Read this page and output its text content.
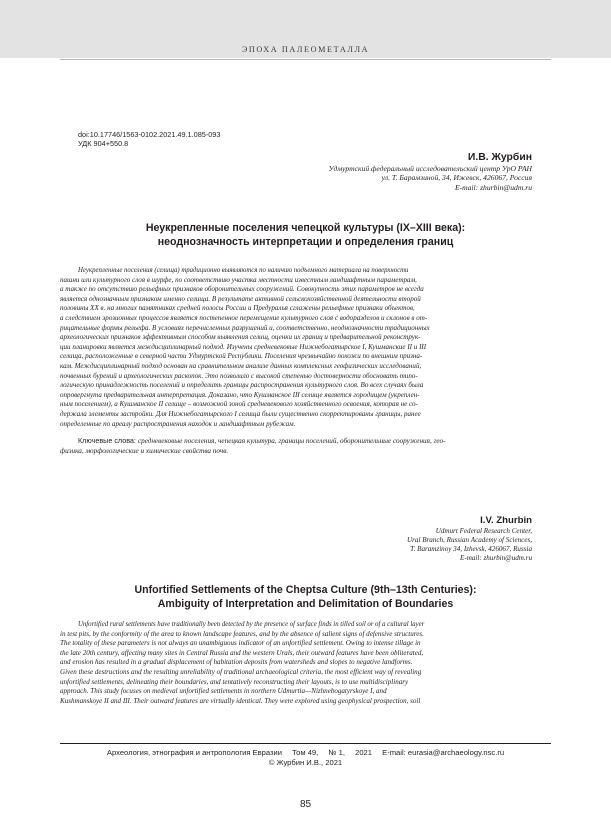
ЭПОХА ПАЛЕОМЕТАЛЛА
doi:10.17746/1563-0102.2021.49.1.085-093
УДК 904+550.8
И.В. Журбин
Удмуртский федеральный исследовательский центр УрО РАН
ул. Т. Барамзиной, 34, Ижевск, 426067, Россия
E-mail: zhurbin@udm.ru
Неукрепленные поселения чепецкой культуры (IX–XIII века):
неоднозначность интерпретации и определения границ
Неукрепленные поселения (селища) традиционно выявляются по наличию подъемного материала на поверхности
пашни или культурного слоя в шурфе, по соответствию участка местности известным ландшафтным параметрам,
а также по отсутствию рельефных признаков оборонительных сооружений. Совокупность этих параметров не всегда
является однозначным признаком именно селища. В результате активной сельскохозяйственной деятельности второй
половины XX в. на многих памятниках средней полосы России и Предуралья сглажены рельефные признаки объектов,
а следствием эрозионных процессов является постепенное перемещение культурного слоя с водоразделов и склонов в от-
рицательные формы рельефа. В условиях перечисленных разрушений и, соответственно, неоднозначности традиционных
археологических признаков эффективным способом выявления селищ, оценки их границ и предварительной реконструк-
ции планировки является междисциплинарный подход. Изучены средневековые Нижнебогатырское I, Кушманские II и III
селища, расположенные в северной части Удмуртской Республики. Поселения чрезвычайно похожи по внешним призна-
кам. Междисциплинарный подход основан на сравнительном анализе данных комплексных геофизических исследований,
почвенных бурений и археологических раскопок. Это позволило с высокой степенью достоверности обосновать типо-
логическую принадлежность поселений и определить границы распространения культурного слоя. Во всех случаях была
опровергнута предварительная интерпретация. Доказано, что Кушманское III селище является городищем (укреплен-
ным поселением), а Кушманское II селище – возможной зоной средневекового хозяйственного освоения, которая не со-
держала элементы застройки. Для Нижнебогатырского I селища были существенно скорректированы границы, ранее
определенные по ареалу распространения находок и ландшафтным рубежам.
Ключевые слова: средневековые поселения, чепецкая культура, границы поселений, оборонительные сооружения, гео-
физика, морфологические и химические свойства почв.
I.V. Zhurbin
Udmurt Federal Research Center,
Ural Branch, Russian Academy of Sciences,
T. Baramzinoy 34, Izhevsk, 426067, Russia
E-mail: zhurbin@udm.ru
Unfortified Settlements of the Cheptsa Culture (9th–13th Centuries):
Ambiguity of Interpretation and Delimitation of Boundaries
Unfortified rural settlements have traditionally been detected by the presence of surface finds in tilled soil or of a cultural layer
in test pits, by the conformity of the area to known landscape features, and by the absence of salient signs of defensive structures.
The totality of these parameters is not always an unambiguous indicator of an unfortified settlement. Owing to intense tillage in
the late 20th century, affecting many sites in Central Russia and the western Urals, their outward features have been obliterated,
and erosion has resulted in a gradual displacement of habitation deposits from watersheds and slopes to negative landforms.
Given these destructions and the resulting unreliability of traditional archaeological criteria, the most efficient way of revealing
unfortified settlements, delineating their boundaries, and tentatively reconstructing their layouts, is to use multidisciplinary
approach. This study focuses on medieval unfortified settlements in northern Udmurtia—Nizhnebogatyrskoye I, and
Kushmanskoye II and III. Their outward features are virtually identical. They were explored using geophysical prospection, soil
Археология, этнография и антропология Евразии Том 49, № 1, 2021 E-mail: eurasia@archaeology.nsc.ru
© Журбин И.В., 2021
85
